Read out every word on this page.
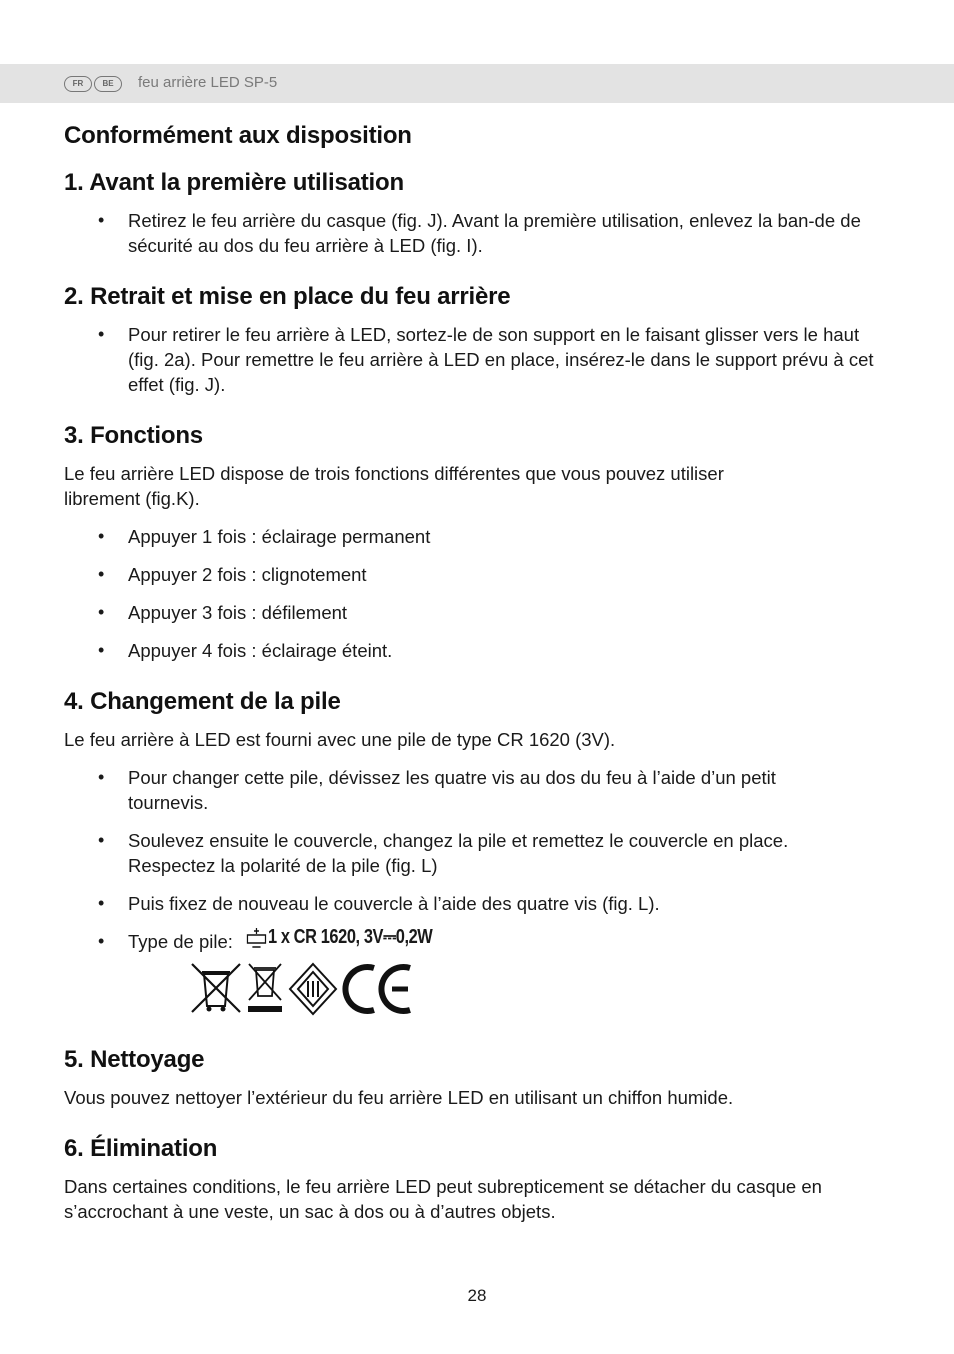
FR	BE	feu arrière LED SP-5
Conformément aux disposition
1. Avant la première utilisation
• Retirez le feu arrière du casque (fig. J). Avant la première utilisation, enlevez la ban-de de sécurité au dos du feu arrière à LED (fig. I).
2. Retrait et mise en place du feu arrière
• Pour retirer le feu arrière à LED, sortez-le de son support en le faisant glisser vers le haut (fig. 2a). Pour remettre le feu arrière à LED en place, insérez-le dans le support prévu à cet effet (fig. J).
3. Fonctions

Le feu arrière LED dispose de trois fonctions différentes que vous pouvez utiliser librement (fig.K).

• Appuyer 1 fois : éclairage permanent
• Appuyer 2 fois : clignotement
• Appuyer 3 fois : défilement
• Appuyer 4 fois : éclairage éteint.
4. Changement de la pile

Le feu arrière à LED est fourni avec une pile de type CR 1620 (3V).

• Pour changer cette pile, dévissez les quatre vis au dos du feu à l’aide d’un petit tournevis.
• Soulevez ensuite le couvercle, changez la pile et remettez le couvercle en place. Respectez la polarité de la pile (fig. L)
• Puis fixez de nouveau le couvercle à l’aide des quatre vis (fig. L).
• Type de pile: 1 x CR 1620, 3V⎓0,2W
5. Nettoyage

Vous pouvez nettoyer l’extérieur du feu arrière LED en utilisant un chiffon humide.

6. Élimination

Dans certaines conditions, le feu arrière LED peut subrepticement se détacher du casque en s’accrochant à une veste, un sac à dos ou à d’autres objets.

28
